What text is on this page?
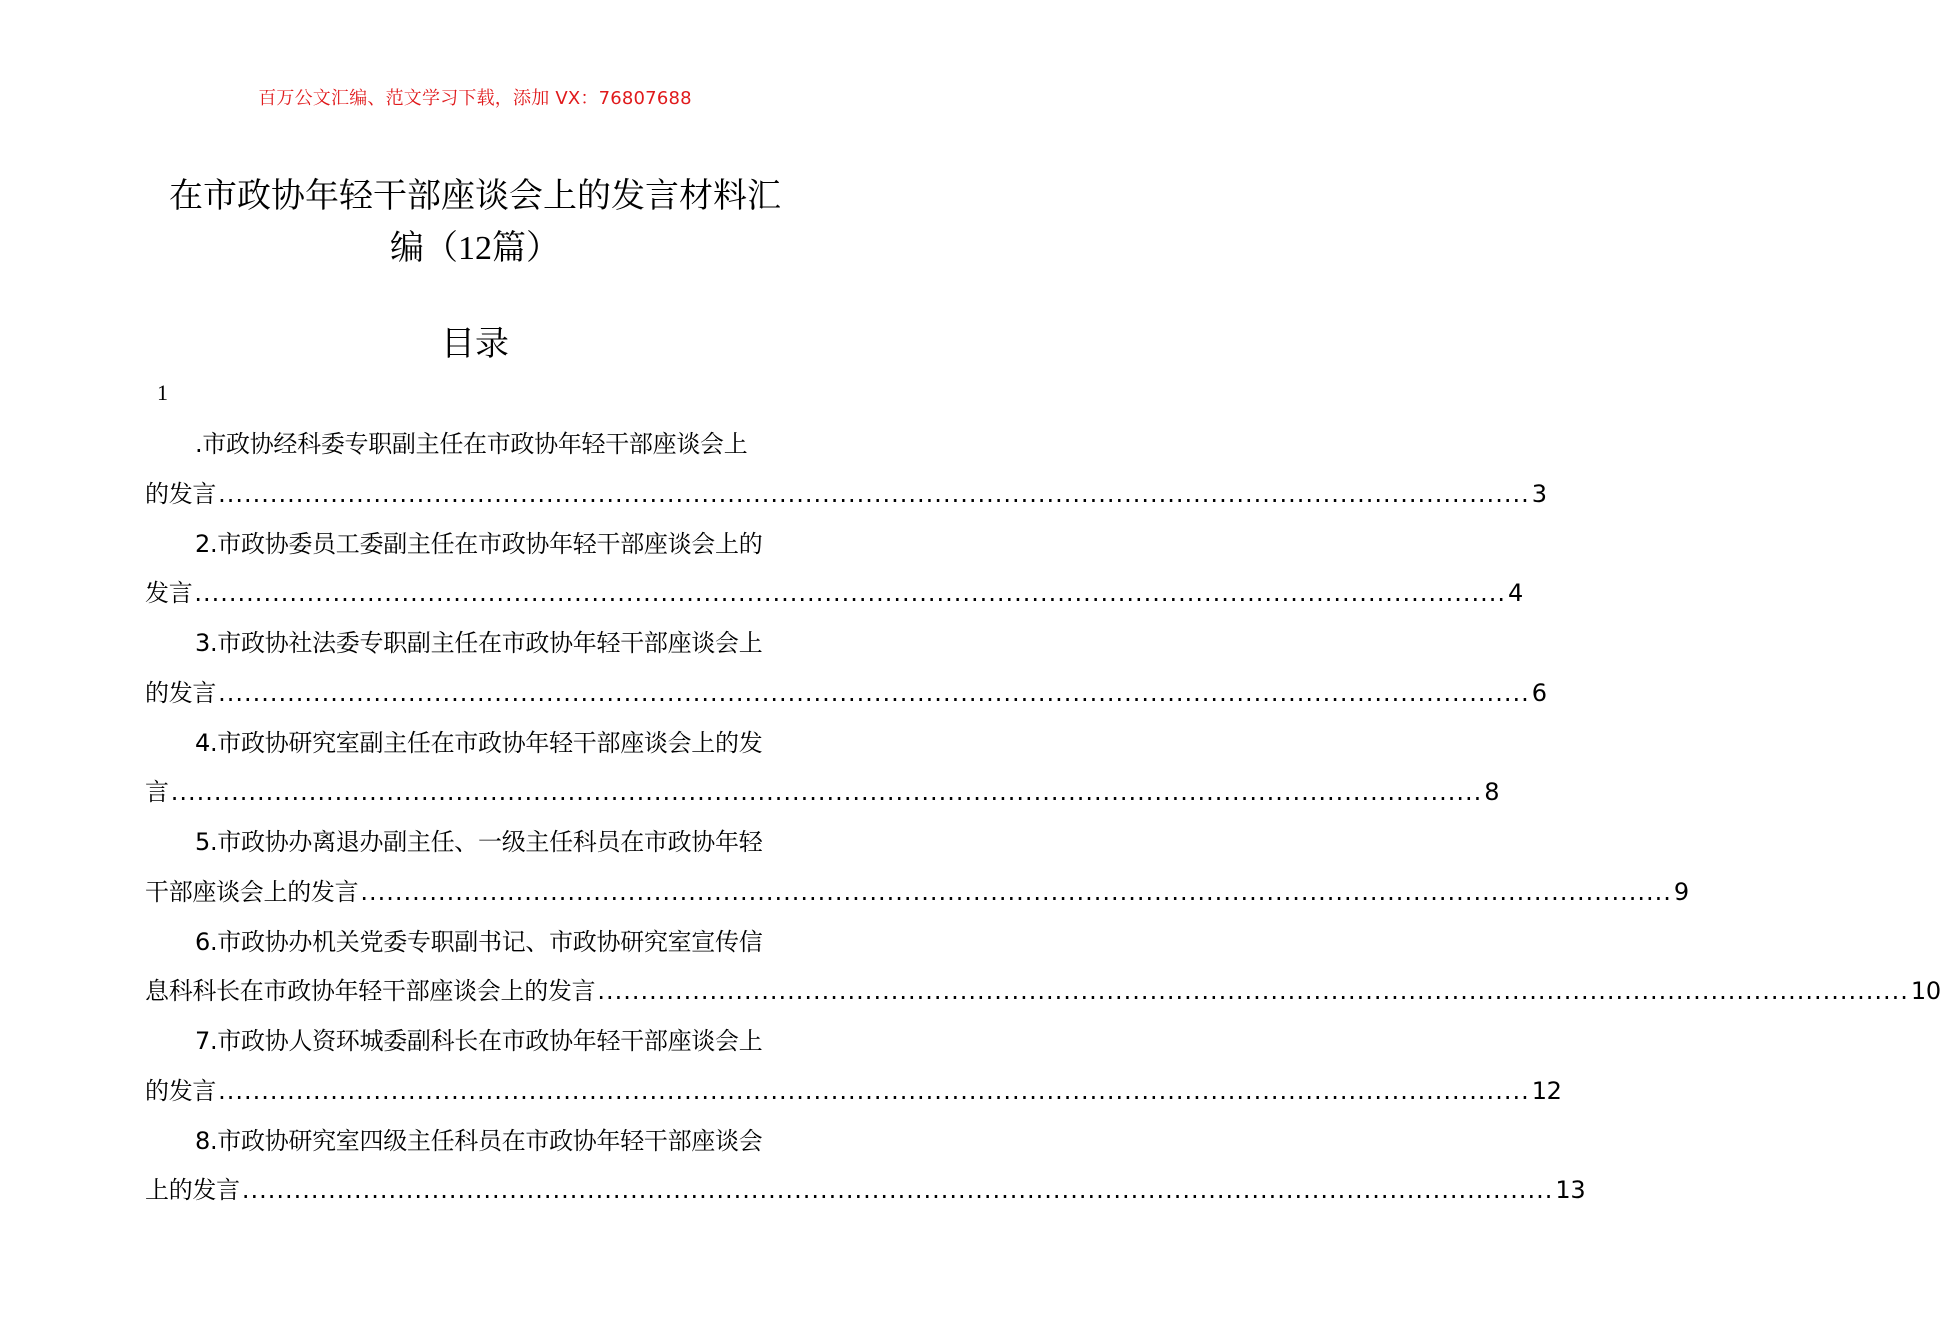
百万公文汇编、范文学习下载，添加 VX：76807688
在市政协年轻干部座谈会上的发言材料汇
编（12篇）
目录
1
.市政协经科委专职副主任在市政协年轻干部座谈会上
的发言 ........................................................................................................................................................ 3
2.市政协委员工委副主任在市政协年轻干部座谈会上的
发言 ........................................................................................................................................................ 4
3.市政协社法委专职副主任在市政协年轻干部座谈会上
的发言 ........................................................................................................................................................ 6
4.市政协研究室副主任在市政协年轻干部座谈会上的发
言 ........................................................................................................................................................ 8
5.市政协办离退办副主任、一级主任科员在市政协年轻
干部座谈会上的发言 ........................................................................................................................................................ 9
6.市政协办机关党委专职副书记、市政协研究室宣传信
息科科长在市政协年轻干部座谈会上的发言 ........................................................................................................................................................ 10
7.市政协人资环城委副科长在市政协年轻干部座谈会上
的发言 ........................................................................................................................................................ 12
8.市政协研究室四级主任科员在市政协年轻干部座谈会
上的发言 ........................................................................................................................................................ 13
